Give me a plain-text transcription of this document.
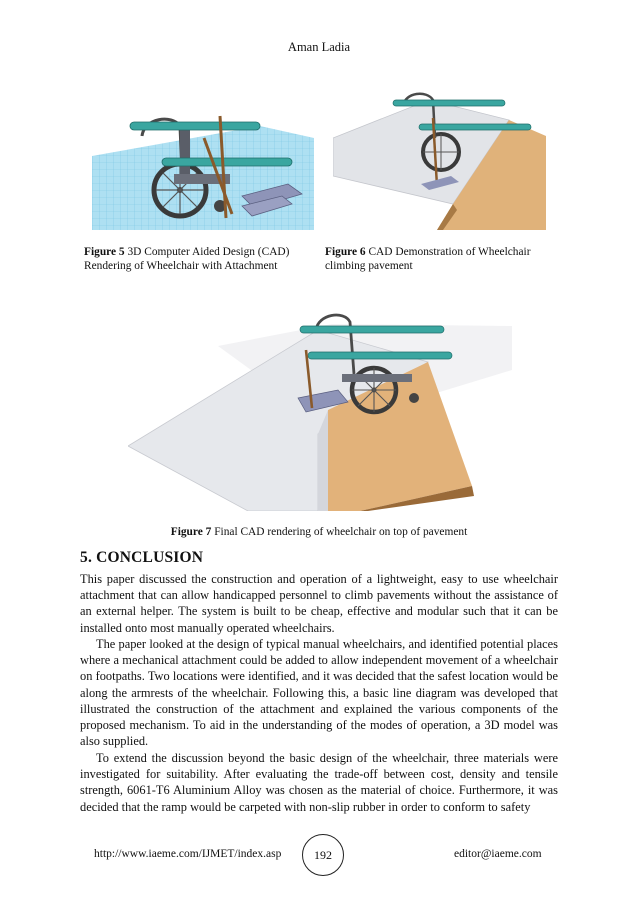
Aman Ladia
Figure 5 3D Computer Aided Design (CAD) Rendering of Wheelchair with Attachment
Figure 6 CAD Demonstration of Wheelchair climbing pavement
Figure 7 Final CAD rendering of wheelchair on top of pavement
5. CONCLUSION

This paper discussed the construction and operation of a lightweight, easy to use wheelchair attachment that can allow handicapped personnel to climb pavements without the assistance of an external helper. The system is built to be cheap, effective and modular such that it can be installed onto most manually operated wheelchairs.

The paper looked at the design of typical manual wheelchairs, and identified potential places where a mechanical attachment could be added to allow independent movement of a wheelchair on footpaths. Two locations were identified, and it was decided that the safest location would be along the armrests of the wheelchair. Following this, a basic line diagram was developed that illustrated the construction of the attachment and explained the various components of the proposed mechanism. To aid in the understanding of the modes of operation, a 3D model was also supplied.

To extend the discussion beyond the basic design of the wheelchair, three materials were investigated for suitability. After evaluating the trade-off between cost, density and tensile strength, 6061-T6 Aluminium Alloy was chosen as the material of choice. Furthermore, it was decided that the ramp would be carpeted with non-slip rubber in order to conform to safety

http://www.iaeme.com/IJMET/index.asp	192	editor@iaeme.com
